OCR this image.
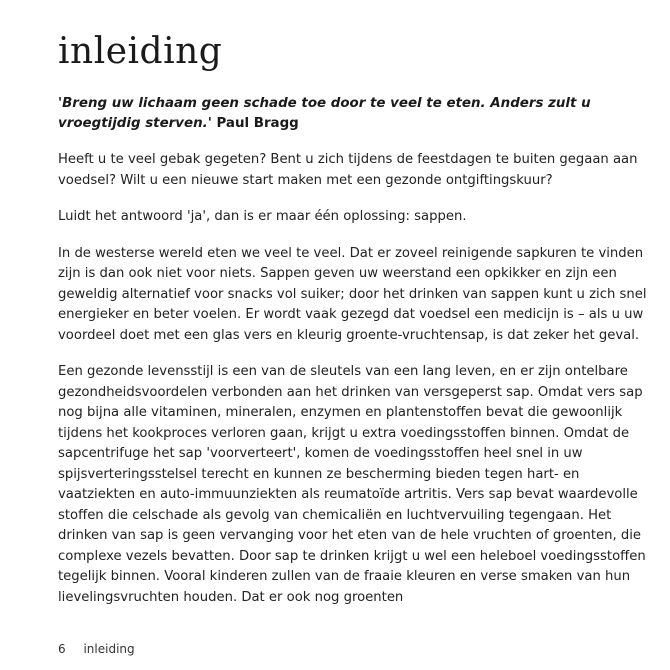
inleiding

'Breng uw lichaam geen schade toe door te veel te eten. Anders zult u vroegtijdig sterven.' Paul Bragg

Heeft u te veel gebak gegeten? Bent u zich tijdens de feestdagen te buiten gegaan aan voedsel? Wilt u een nieuwe start maken met een gezonde ontgiftingskuur?

Luidt het antwoord 'ja', dan is er maar één oplossing: sappen.

In de westerse wereld eten we veel te veel. Dat er zoveel reinigende sapkuren te vinden zijn is dan ook niet voor niets. Sappen geven uw weerstand een opkikker en zijn een geweldig alternatief voor snacks vol suiker; door het drinken van sappen kunt u zich snel energieker en beter voelen. Er wordt vaak gezegd dat voedsel een medicijn is – als u uw voordeel doet met een glas vers en kleurig groente-vruchtensap, is dat zeker het geval.

Een gezonde levensstijl is een van de sleutels van een lang leven, en er zijn ontelbare gezondheidsvoordelen verbonden aan het drinken van versgeperst sap. Omdat vers sap nog bijna alle vitaminen, mineralen, enzymen en plantenstoffen bevat die gewoonlijk tijdens het kookproces verloren gaan, krijgt u extra voedingsstoffen binnen. Omdat de sapcentrifuge het sap 'voorverteert', komen de voedingsstoffen heel snel in uw spijsverteringsstelsel terecht en kunnen ze bescherming bieden tegen hart- en vaatziekten en auto-immuunziekten als reumatoïde artritis. Vers sap bevat waardevolle stoffen die celschade als gevolg van chemicaliën en luchtvervuiling tegengaan. Het drinken van sap is geen vervanging voor het eten van de hele vruchten of groenten, die complexe vezels bevatten. Door sap te drinken krijgt u wel een heleboel voedingsstoffen tegelijk binnen. Vooral kinderen zullen van de fraaie kleuren en verse smaken van hun lievelingsvruchten houden. Dat er ook nog groenten

6 inleiding
